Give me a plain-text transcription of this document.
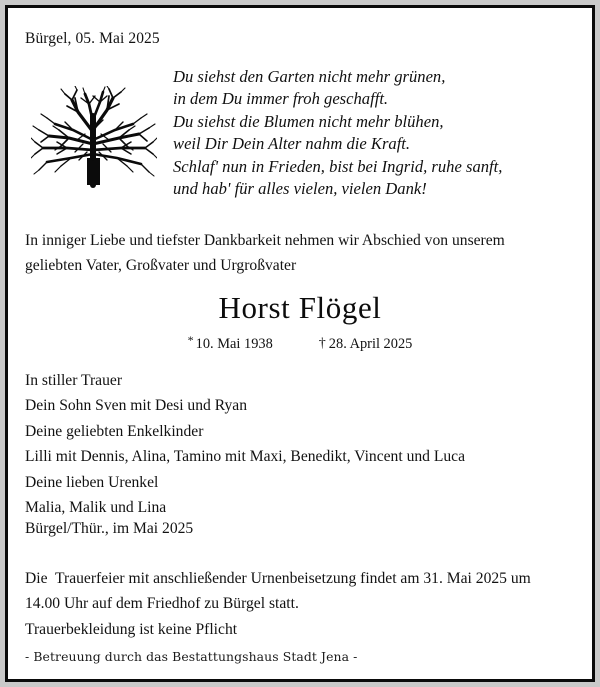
Bürgel, 05. Mai 2025
Du siehst den Garten nicht mehr grünen,
in dem Du immer froh geschafft.
Du siehst die Blumen nicht mehr blühen,
weil Dir Dein Alter nahm die Kraft.
Schlaf' nun in Frieden, bist bei Ingrid, ruhe sanft,
und hab' für alles vielen, vielen Dank!
In inniger Liebe und tiefster Dankbarkeit nehmen wir Abschied von unserem
geliebten Vater, Großvater und Urgroßvater
Horst Flögel
* 10. Mai 1938	† 28. April 2025
In stiller Trauer
Dein Sohn Sven mit Desi und Ryan
Deine geliebten Enkelkinder
Lilli mit Dennis, Alina, Tamino mit Maxi, Benedikt, Vincent und Luca
Deine lieben Urenkel
Malia, Malik und Lina
Bürgel/Thür., im Mai 2025
Die  Trauerfeier mit anschließender Urnenbeisetzung findet am 31. Mai 2025 um
14.00 Uhr auf dem Friedhof zu Bürgel statt.
Trauerbekleidung ist keine Pflicht
- Betreuung durch das Bestattungshaus Stadt Jena -
